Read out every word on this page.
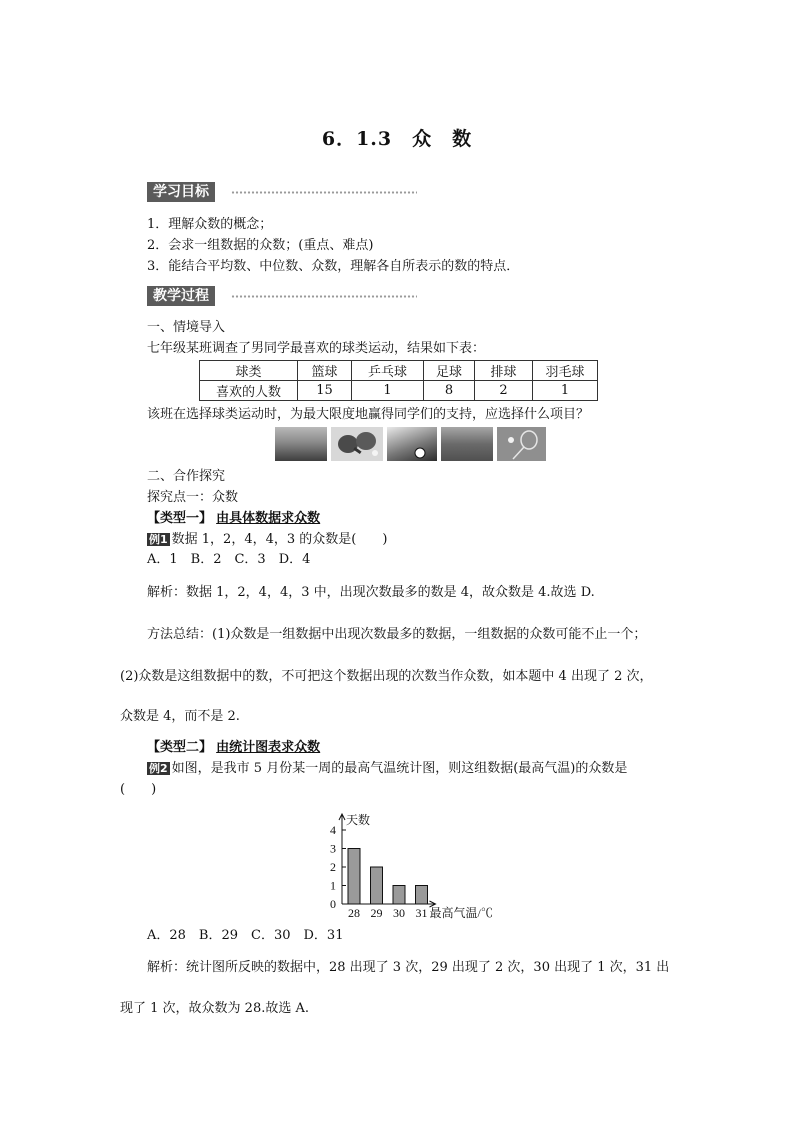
6．1.3　众　数
学习目标
1．理解众数的概念；
2．会求一组数据的众数；(重点、难点)
3．能结合平均数、中位数、众数，理解各自所表示的数的特点．
教学过程
一、情境导入
七年级某班调查了男同学最喜欢的球类运动，结果如下表：
球类	篮球	乒乓球	足球	排球	羽毛球
喜欢的人数	15	1	8	2	1
该班在选择球类运动时，为最大限度地赢得同学们的支持，应选择什么项目？
二、合作探究
探究点一：众数
【类型一】 由具体数据求众数
例1 数据 1，2，4，4，3 的众数是(　　)
A．1　B．2　C．3　D．4
解析：数据 1，2，4，4，3 中，出现次数最多的数是 4，故众数是 4.故选 D.
方法总结：(1)众数是一组数据中出现次数最多的数据，一组数据的众数可能不止一个；
(2)众数是这组数据中的数，不可把这个数据出现的次数当作众数，如本题中 4 出现了 2 次，
众数是 4，而不是 2.
【类型二】 由统计图表求众数
例2 如图，是我市 5 月份某一周的最高气温统计图，则这组数据(最高气温)的众数是
(　　)
0
1
2
3
4
天数
28 29 30 31 最高气温/℃
A．28　B．29　C．30　D．31
解析：统计图所反映的数据中，28 出现了 3 次，29 出现了 2 次，30 出现了 1 次，31 出
现了 1 次，故众数为 28.故选 A.
